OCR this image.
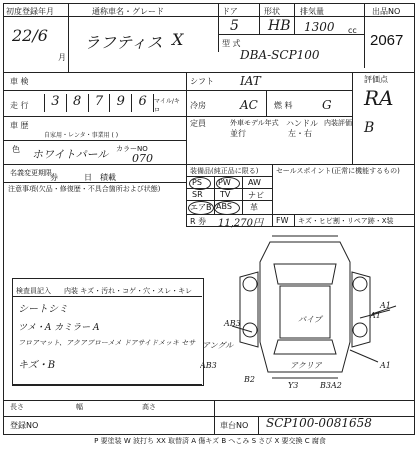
初度登録年月	通称車名・グレード	ドア	形状	排気量	出品NO
22/6
月
ラフティス X
5 HB 1300 cc
2067
型 式
DBA-SCP100
車 検	シフト IAT	評価点
RA
走 行	3	8	7	9	6	マイル/キロ
冷房	AC 燃 料 G
車 歴
自家用・レンタ・事業用 ( )
定員	外車モデル年式
並行
ハンドル
左・右
内装評価 B
色 ホワイトパール カラーNO
070
名義変更期限
券	日 積載
装備品(純正品に限る)	セールスポイント(正常に機能するもの)
注意事項(欠品・修復歴・不具合箇所および状態)
PS PW AW
SR TV ナビ
エアB ABS 革
R 券 11,270円 FW キズ・ヒビ割・リペア跡・X装
検査員記入 内装 キズ・汚れ・コゲ・穴・スレ・キレ
シートシミ
ツメ・A カミラー A
フロアマット、アクアブローメメ ドアサイドメッキ セサ
キズ・B
長さ	幅	高さ
登録NO	車台NO SCP100-0081658
AB3
A1
AB3	A1
B2
Y3	B3A2
A1
パイプ
アクリア
アングル
P 要塗装 W 波打ち XX 取替済 A 傷キズ B へこみ S さび X 要交換 C 腐食
